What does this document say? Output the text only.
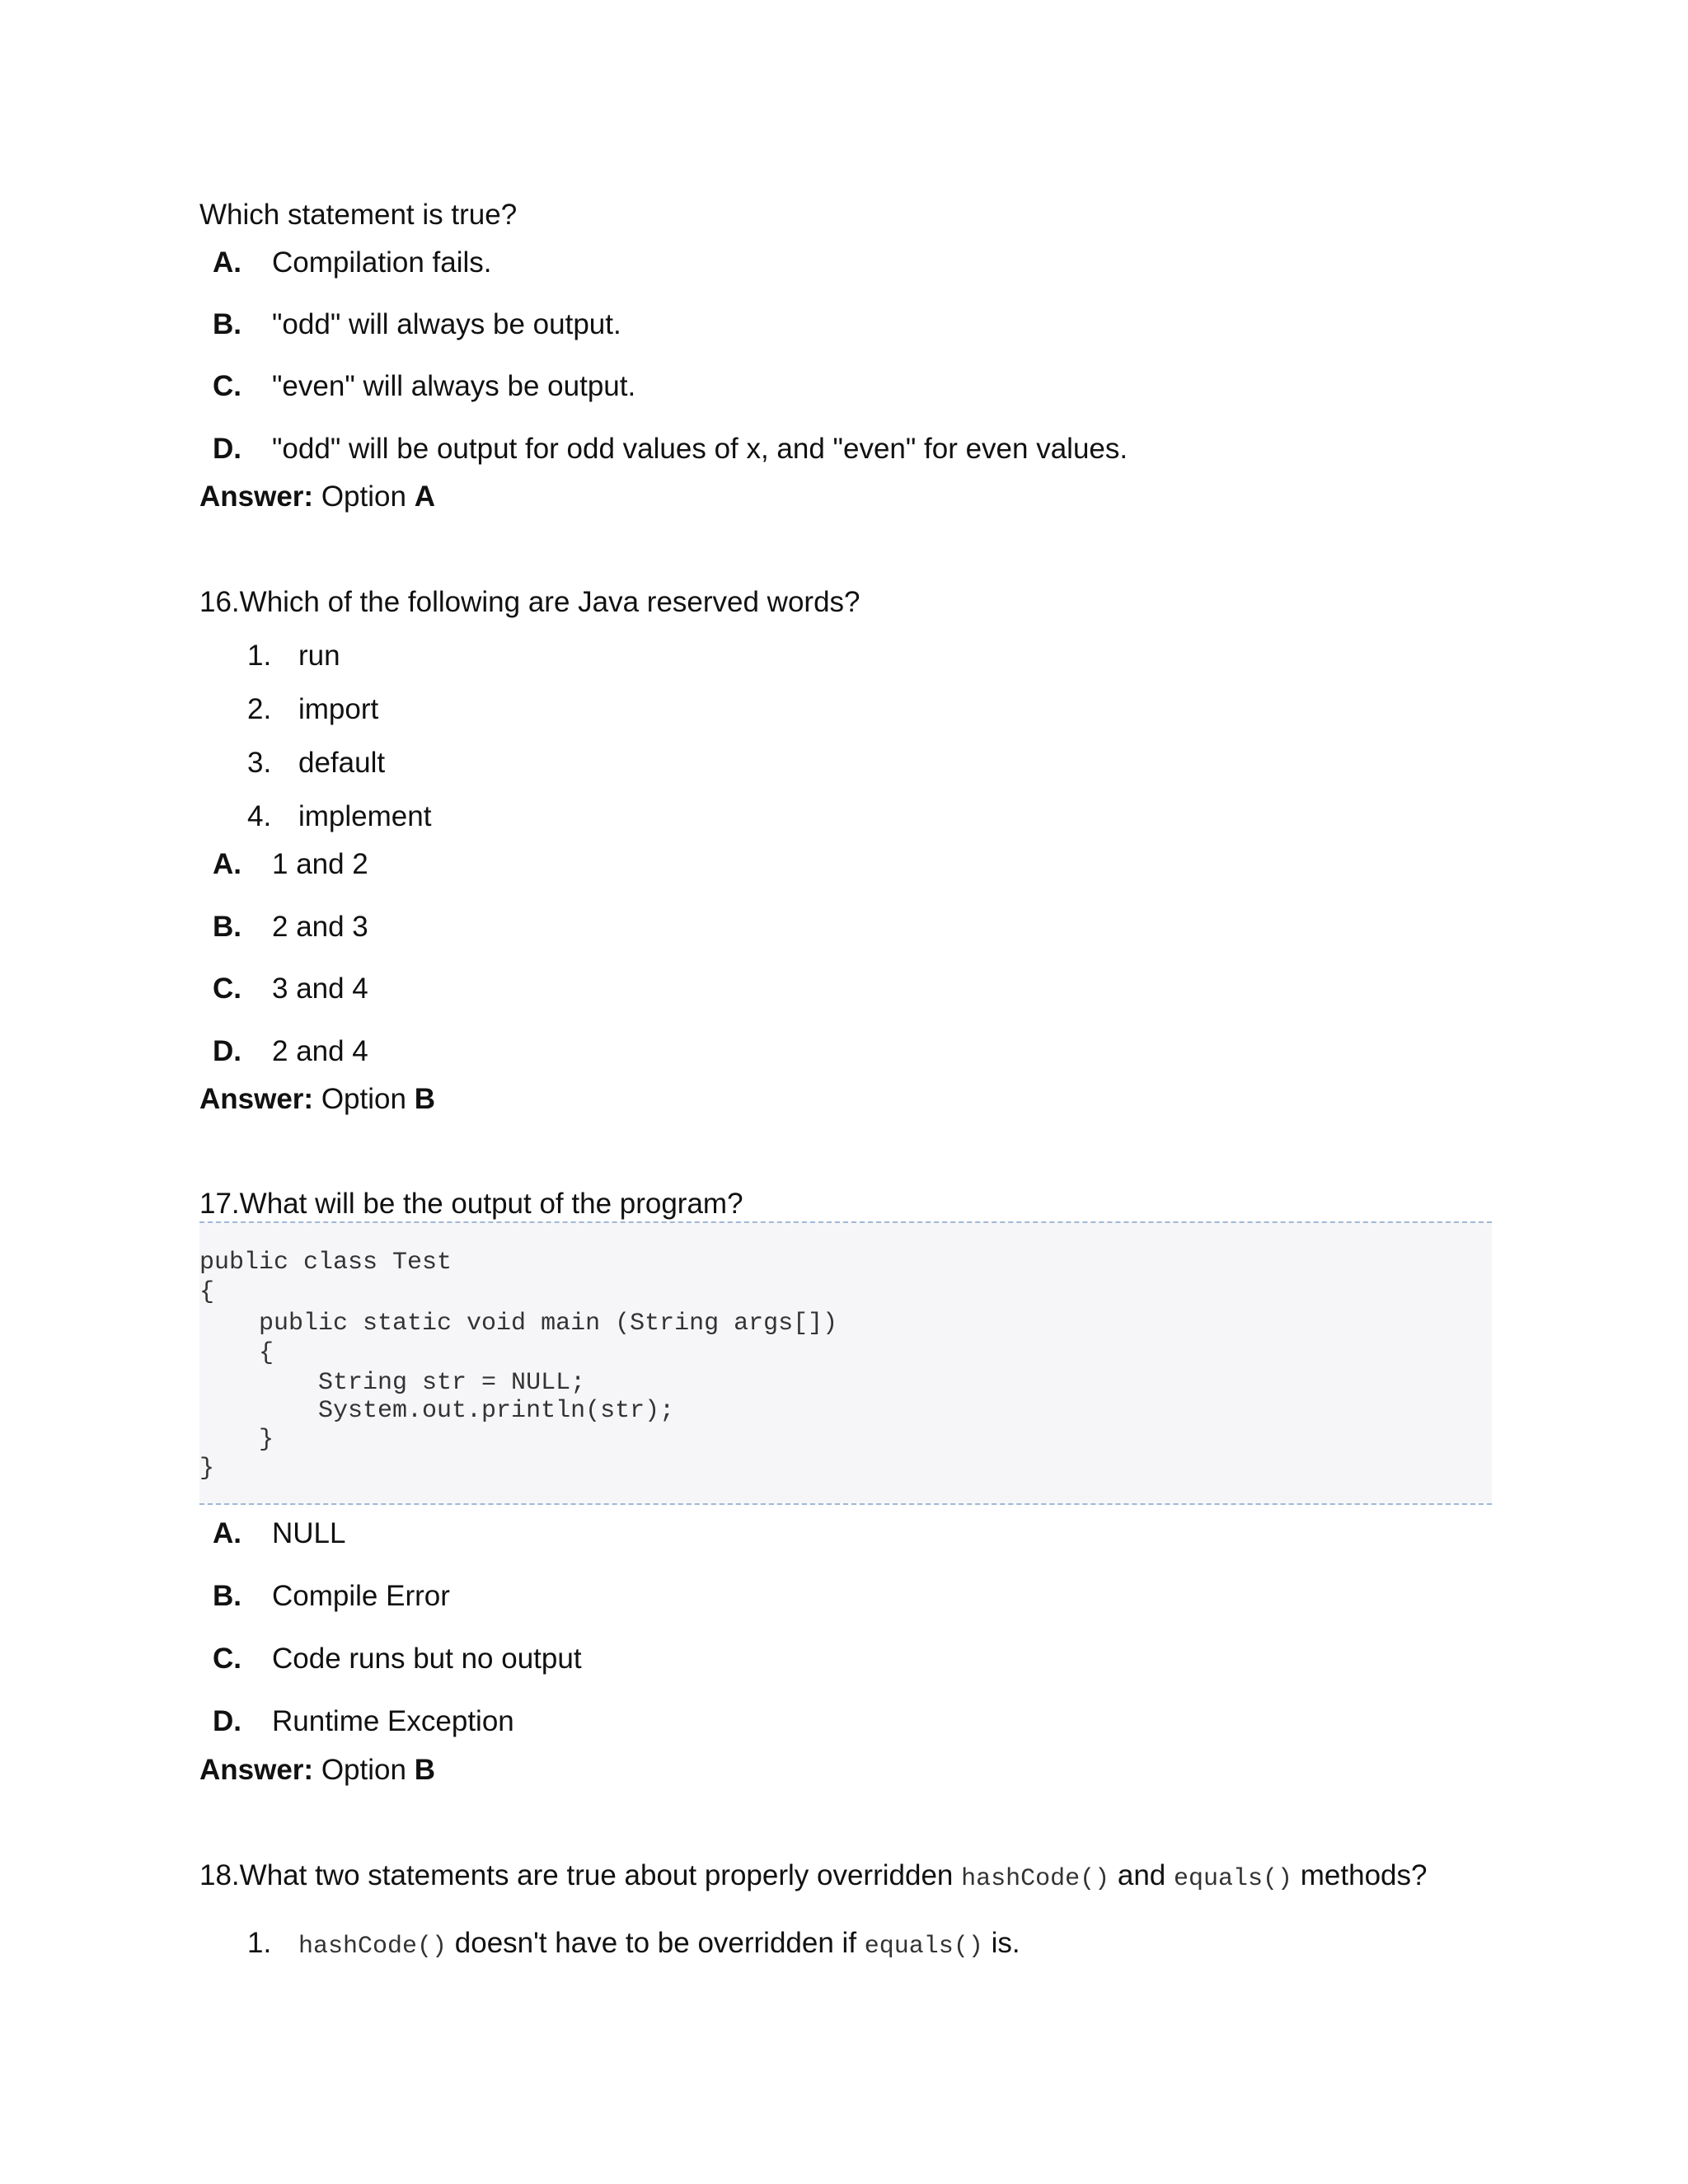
Which statement is true?
A. Compilation fails.
B. "odd" will always be output.
C. "even" will always be output.
D. "odd" will be output for odd values of x, and "even" for even values.
Answer: Option A
16.Which of the following are Java reserved words?
1. run
2. import
3. default
4. implement
A. 1 and 2
B. 2 and 3
C. 3 and 4
D. 2 and 4
Answer: Option B
17.What will be the output of the program?
public class Test
{
public static void main (String args[])
{
String str = NULL;
System.out.println(str);
}
}
A. NULL
B. Compile Error
C. Code runs but no output
D. Runtime Exception
Answer: Option B
18.What two statements are true about properly overridden hashCode() and equals() methods?
1. hashCode() doesn't have to be overridden if equals() is.
